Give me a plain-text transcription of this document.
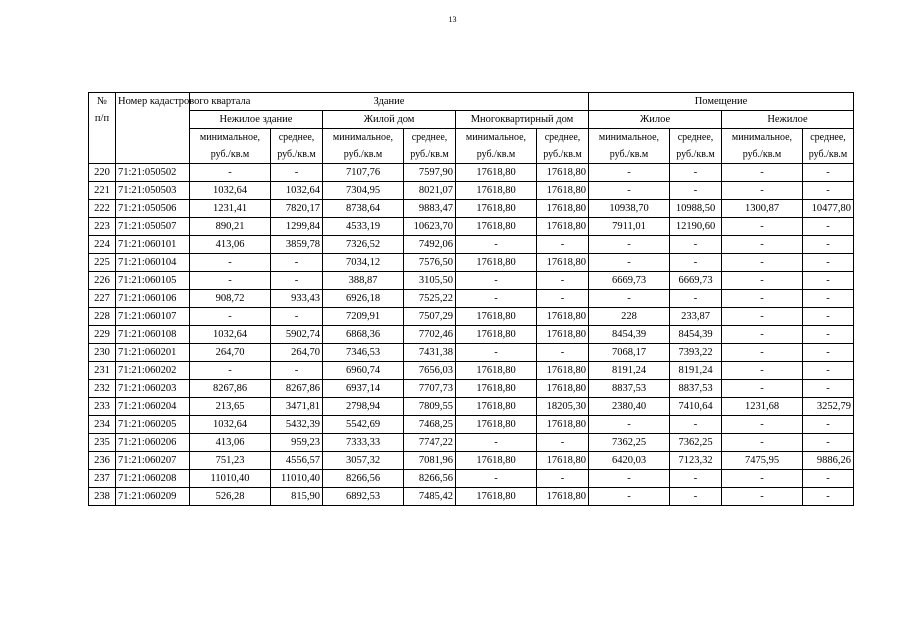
13
№
п/п	Номер кадастрового квартала	Здание						Помещение			
		Нежилое здание		Жилой дом		Многоквартирный дом		Жилое		Нежилое	
		минимальное, руб./кв.м	среднее, руб./кв.м	минимальное, руб./кв.м	среднее, руб./кв.м	минимальное, руб./кв.м	среднее, руб./кв.м	минимальное, руб./кв.м	среднее, руб./кв.м	минимальное, руб./кв.м	среднее, руб./кв.м
220	71:21:050502	-	-	7107,76	7597,90	17618,80	17618,80	-	-	-	-
221	71:21:050503	1032,64	1032,64	7304,95	8021,07	17618,80	17618,80	-	-	-	-
222	71:21:050506	1231,41	7820,17	8738,64	9883,47	17618,80	17618,80	10938,70	10988,50	1300,87	10477,80
223	71:21:050507	890,21	1299,84	4533,19	10623,70	17618,80	17618,80	7911,01	12190,60	-	-
224	71:21:060101	413,06	3859,78	7326,52	7492,06	-	-	-	-	-	-
225	71:21:060104	-	-	7034,12	7576,50	17618,80	17618,80	-	-	-	-
226	71:21:060105	-	-	388,87	3105,50	-	-	6669,73	6669,73	-	-
227	71:21:060106	908,72	933,43	6926,18	7525,22	-	-	-	-	-	-
228	71:21:060107	-	-	7209,91	7507,29	17618,80	17618,80	228	233,87	-	-
229	71:21:060108	1032,64	5902,74	6868,36	7702,46	17618,80	17618,80	8454,39	8454,39	-	-
230	71:21:060201	264,70	264,70	7346,53	7431,38	-	-	7068,17	7393,22	-	-
231	71:21:060202	-	-	6960,74	7656,03	17618,80	17618,80	8191,24	8191,24	-	-
232	71:21:060203	8267,86	8267,86	6937,14	7707,73	17618,80	17618,80	8837,53	8837,53	-	-
233	71:21:060204	213,65	3471,81	2798,94	7809,55	17618,80	18205,30	2380,40	7410,64	1231,68	3252,79
234	71:21:060205	1032,64	5432,39	5542,69	7468,25	17618,80	17618,80	-	-	-	-
235	71:21:060206	413,06	959,23	7333,33	7747,22	-	-	7362,25	7362,25	-	-
236	71:21:060207	751,23	4556,57	3057,32	7081,96	17618,80	17618,80	6420,03	7123,32	7475,95	9886,26
237	71:21:060208	11010,40	11010,40	8266,56	8266,56	-	-	-	-	-	-
238	71:21:060209	526,28	815,90	6892,53	7485,42	17618,80	17618,80	-	-	-	-
